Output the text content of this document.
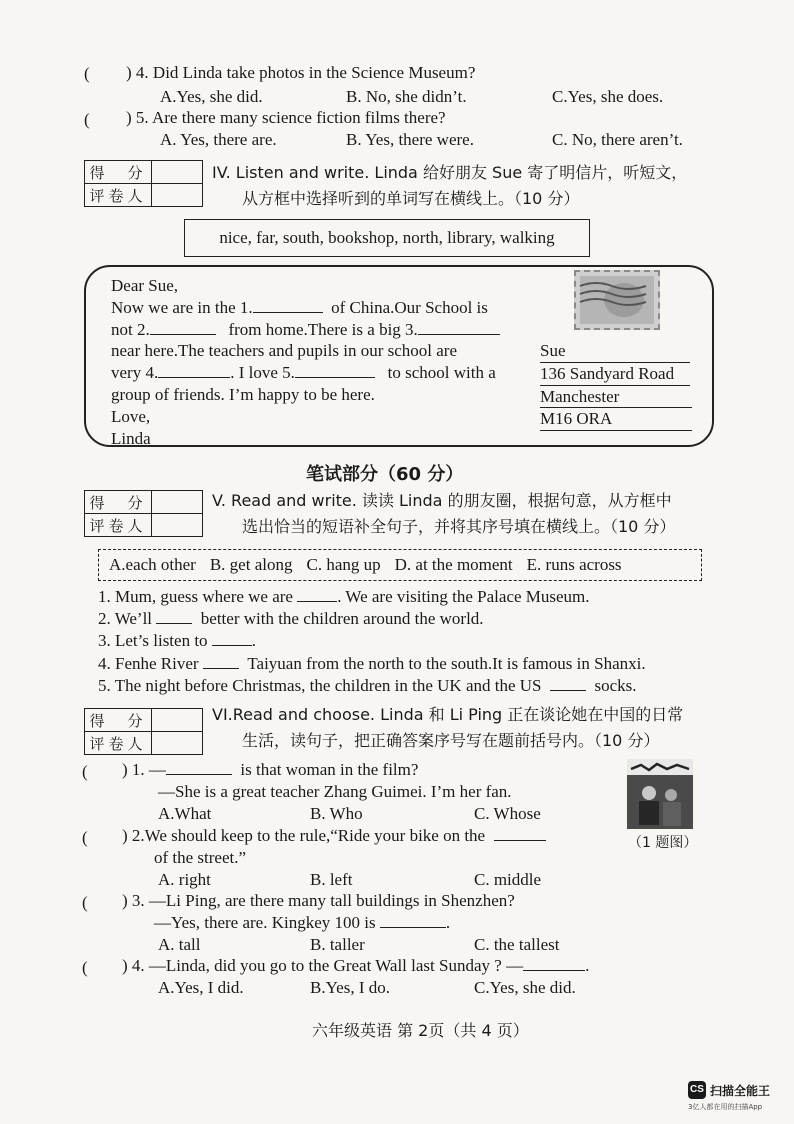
( ) 4. Did Linda take photos in the Science Museum?
A.Yes, she did.	B. No, she didn’t.	C.Yes, she does.
( ) 5. Are there many science fiction films there?
A. Yes, there are.	B. Yes, there were.	C. No, there aren’t.
得　分	
评卷人	
IV. Listen and write. Linda 给好朋友 Sue 寄了明信片，听短文，
从方框中选择听到的单词写在横线上。（10 分）
nice, far, south, bookshop, north, library, walking
Dear Sue,
Now we are in the 1.	of China.Our School is
not 2.	from home.There is a big 3.
near here.The teachers and pupils in our school are
very 4.	. I love 5.	to school with a
group of friends. I’m happy to be here.
Love,
Linda
Sue
136 Sandyard Road
Manchester
M16 ORA
笔试部分（60 分）
得　分	
评卷人	
V. Read and write. 读读 Linda 的朋友圈，根据句意，从方框中
选出恰当的短语补全句子，并将其序号填在横线上。（10 分）
A.each other B. get along C. hang up D. at the moment E. runs across
1. Mum, guess where we are	. We are visiting the Palace Museum.
2. We’ll	better with the children around the world.
3. Let’s listen to	.
4. Fenhe River	Taiyuan from the north to the south.It is famous in Shanxi.
5. The night before Christmas, the children in the UK and the US	socks.
得　分	
评卷人	
VI.Read and choose. Linda 和 Li Ping 正在谈论她在中国的日常
生活，读句子，把正确答案序号写在题前括号内。（10 分）
（1 题图）
( ) 1. —	is that woman in the film?
—She is a great teacher Zhang Guimei. I’m her fan.
A.What	B. Who	C. Whose
( ) 2.We should keep to the rule,“Ride your bike on the
of the street.”
A. right	B. left	C. middle
( ) 3. —Li Ping, are there many tall buildings in Shenzhen?
—Yes, there are. Kingkey 100 is	.
A. tall	B. taller	C. the tallest
( ) 4. —Linda, did you go to the Great Wall last Sunday ? —	.
A.Yes, I did.	B.Yes, I do.	C.Yes, she did.
六年级英语 第 2页（共 4 页）
CS 扫描全能王
3亿人都在用的扫描App
